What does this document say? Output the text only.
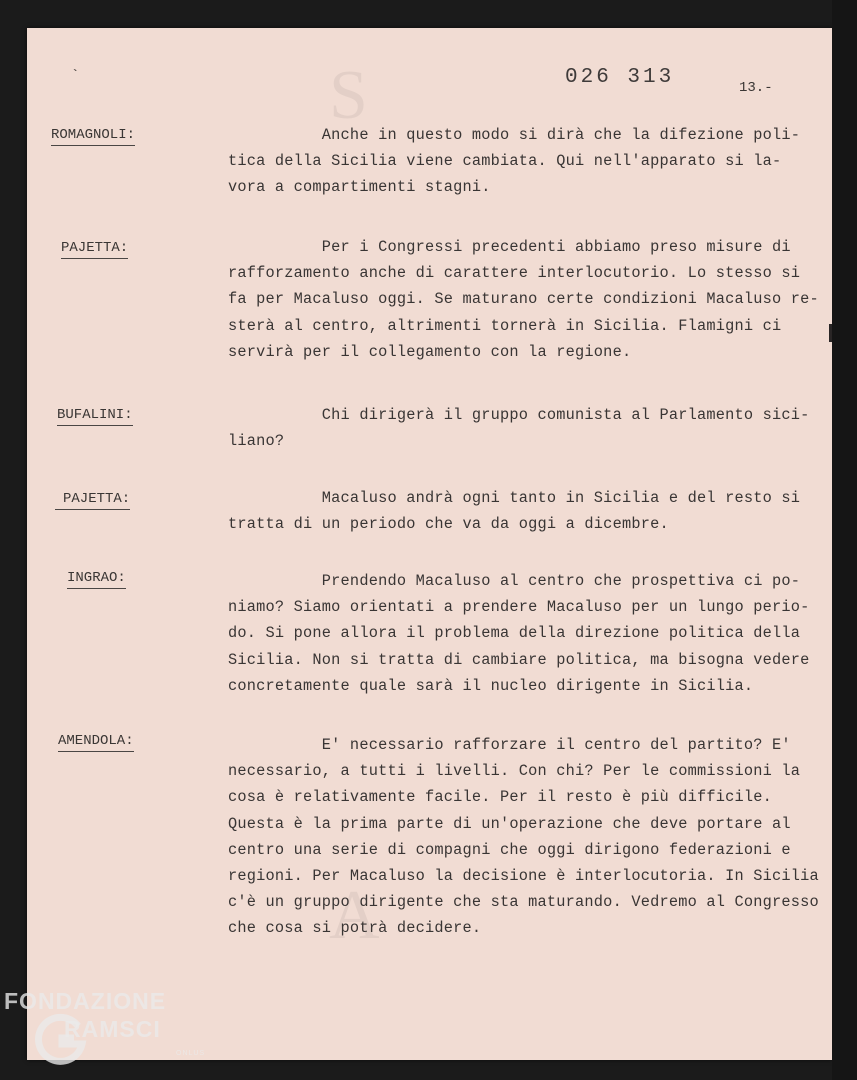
S
A
`	026 313	13.-
ROMAGNOLI:	Anche in questo modo si dirà che la difezione poli-
tica della Sicilia viene cambiata. Qui nell'apparato si la-
vora a compartimenti stagni.
PAJETTA:	Per i Congressi precedenti abbiamo preso misure di
rafforzamento anche di carattere interlocutorio. Lo stesso si
fa per Macaluso oggi. Se maturano certe condizioni Macaluso re-
sterà al centro, altrimenti tornerà in Sicilia. Flamigni ci
servirà per il collegamento con la regione.
BUFALINI:	Chi dirigerà il gruppo comunista al Parlamento sici-
liano?
PAJETTA:	Macaluso andrà ogni tanto in Sicilia e del resto si
tratta di un periodo che va da oggi a dicembre.
INGRAO:	Prendendo Macaluso al centro che prospettiva ci po-
niamo? Siamo orientati a prendere Macaluso per un lungo perio-
do. Si pone allora il problema della direzione politica della
Sicilia. Non si tratta di cambiare politica, ma bisogna vedere
concretamente quale sarà il nucleo dirigente in Sicilia.
AMENDOLA:	E' necessario rafforzare il centro del partito? E'
necessario, a tutti i livelli. Con chi? Per le commissioni la
cosa è relativamente facile. Per il resto è più difficile.
Questa è la prima parte di un'operazione che deve portare al
centro una serie di compagni che oggi dirigono federazioni e
regioni. Per Macaluso la decisione è interlocutoria. In Sicilia
c'è un gruppo dirigente che sta maturando. Vedremo al Congresso
che cosa si potrà decidere.
FONDAZIONE
RAMSCI
ONLUS
